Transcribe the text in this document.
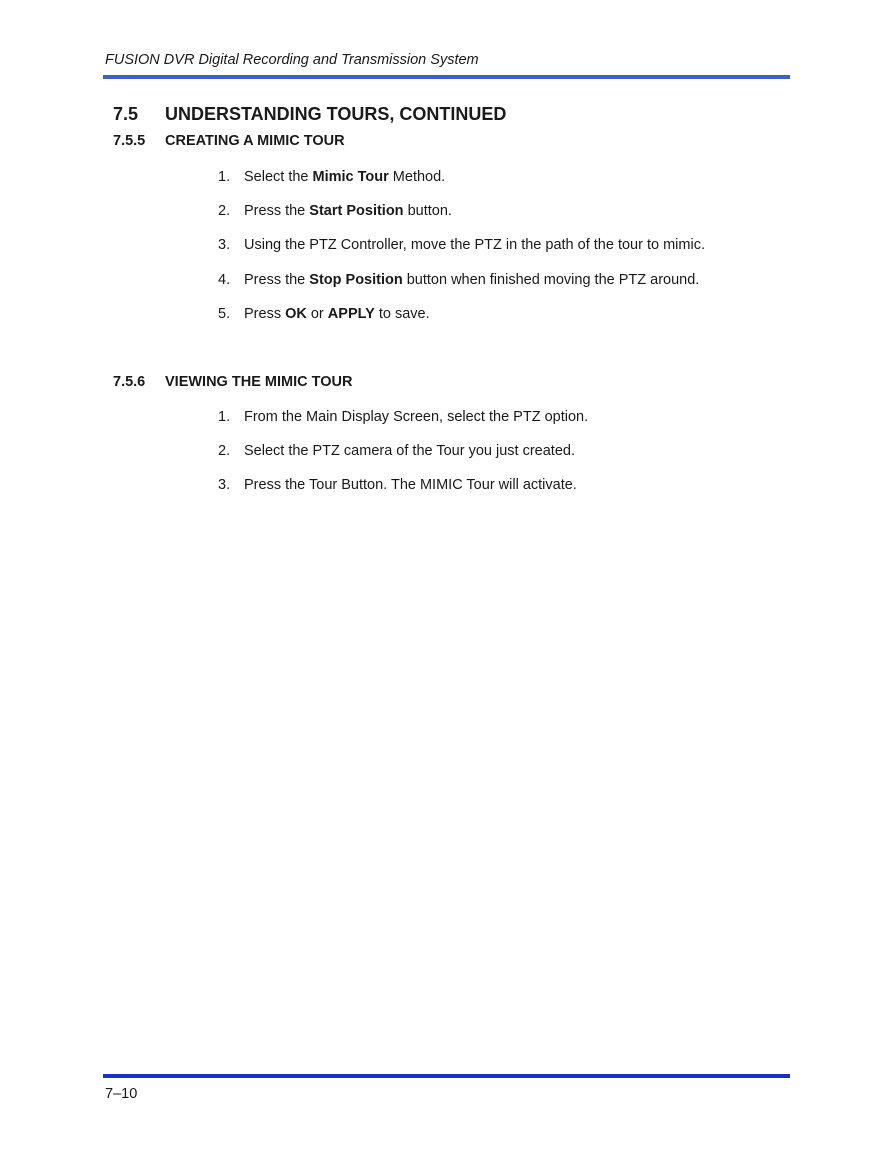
FUSION DVR Digital Recording and Transmission System
7.5 UNDERSTANDING TOURS, CONTINUED
7.5.5 CREATING A MIMIC TOUR
1. Select the Mimic Tour Method.
2. Press the Start Position button.
3. Using the PTZ Controller, move the PTZ in the path of the tour to mimic.
4. Press the Stop Position button when finished moving the PTZ around.
5. Press OK or APPLY to save.
7.5.6 VIEWING THE MIMIC TOUR
1. From the Main Display Screen, select the PTZ option.
2. Select the PTZ camera of the Tour you just created.
3. Press the Tour Button. The MIMIC Tour will activate.
7–10
